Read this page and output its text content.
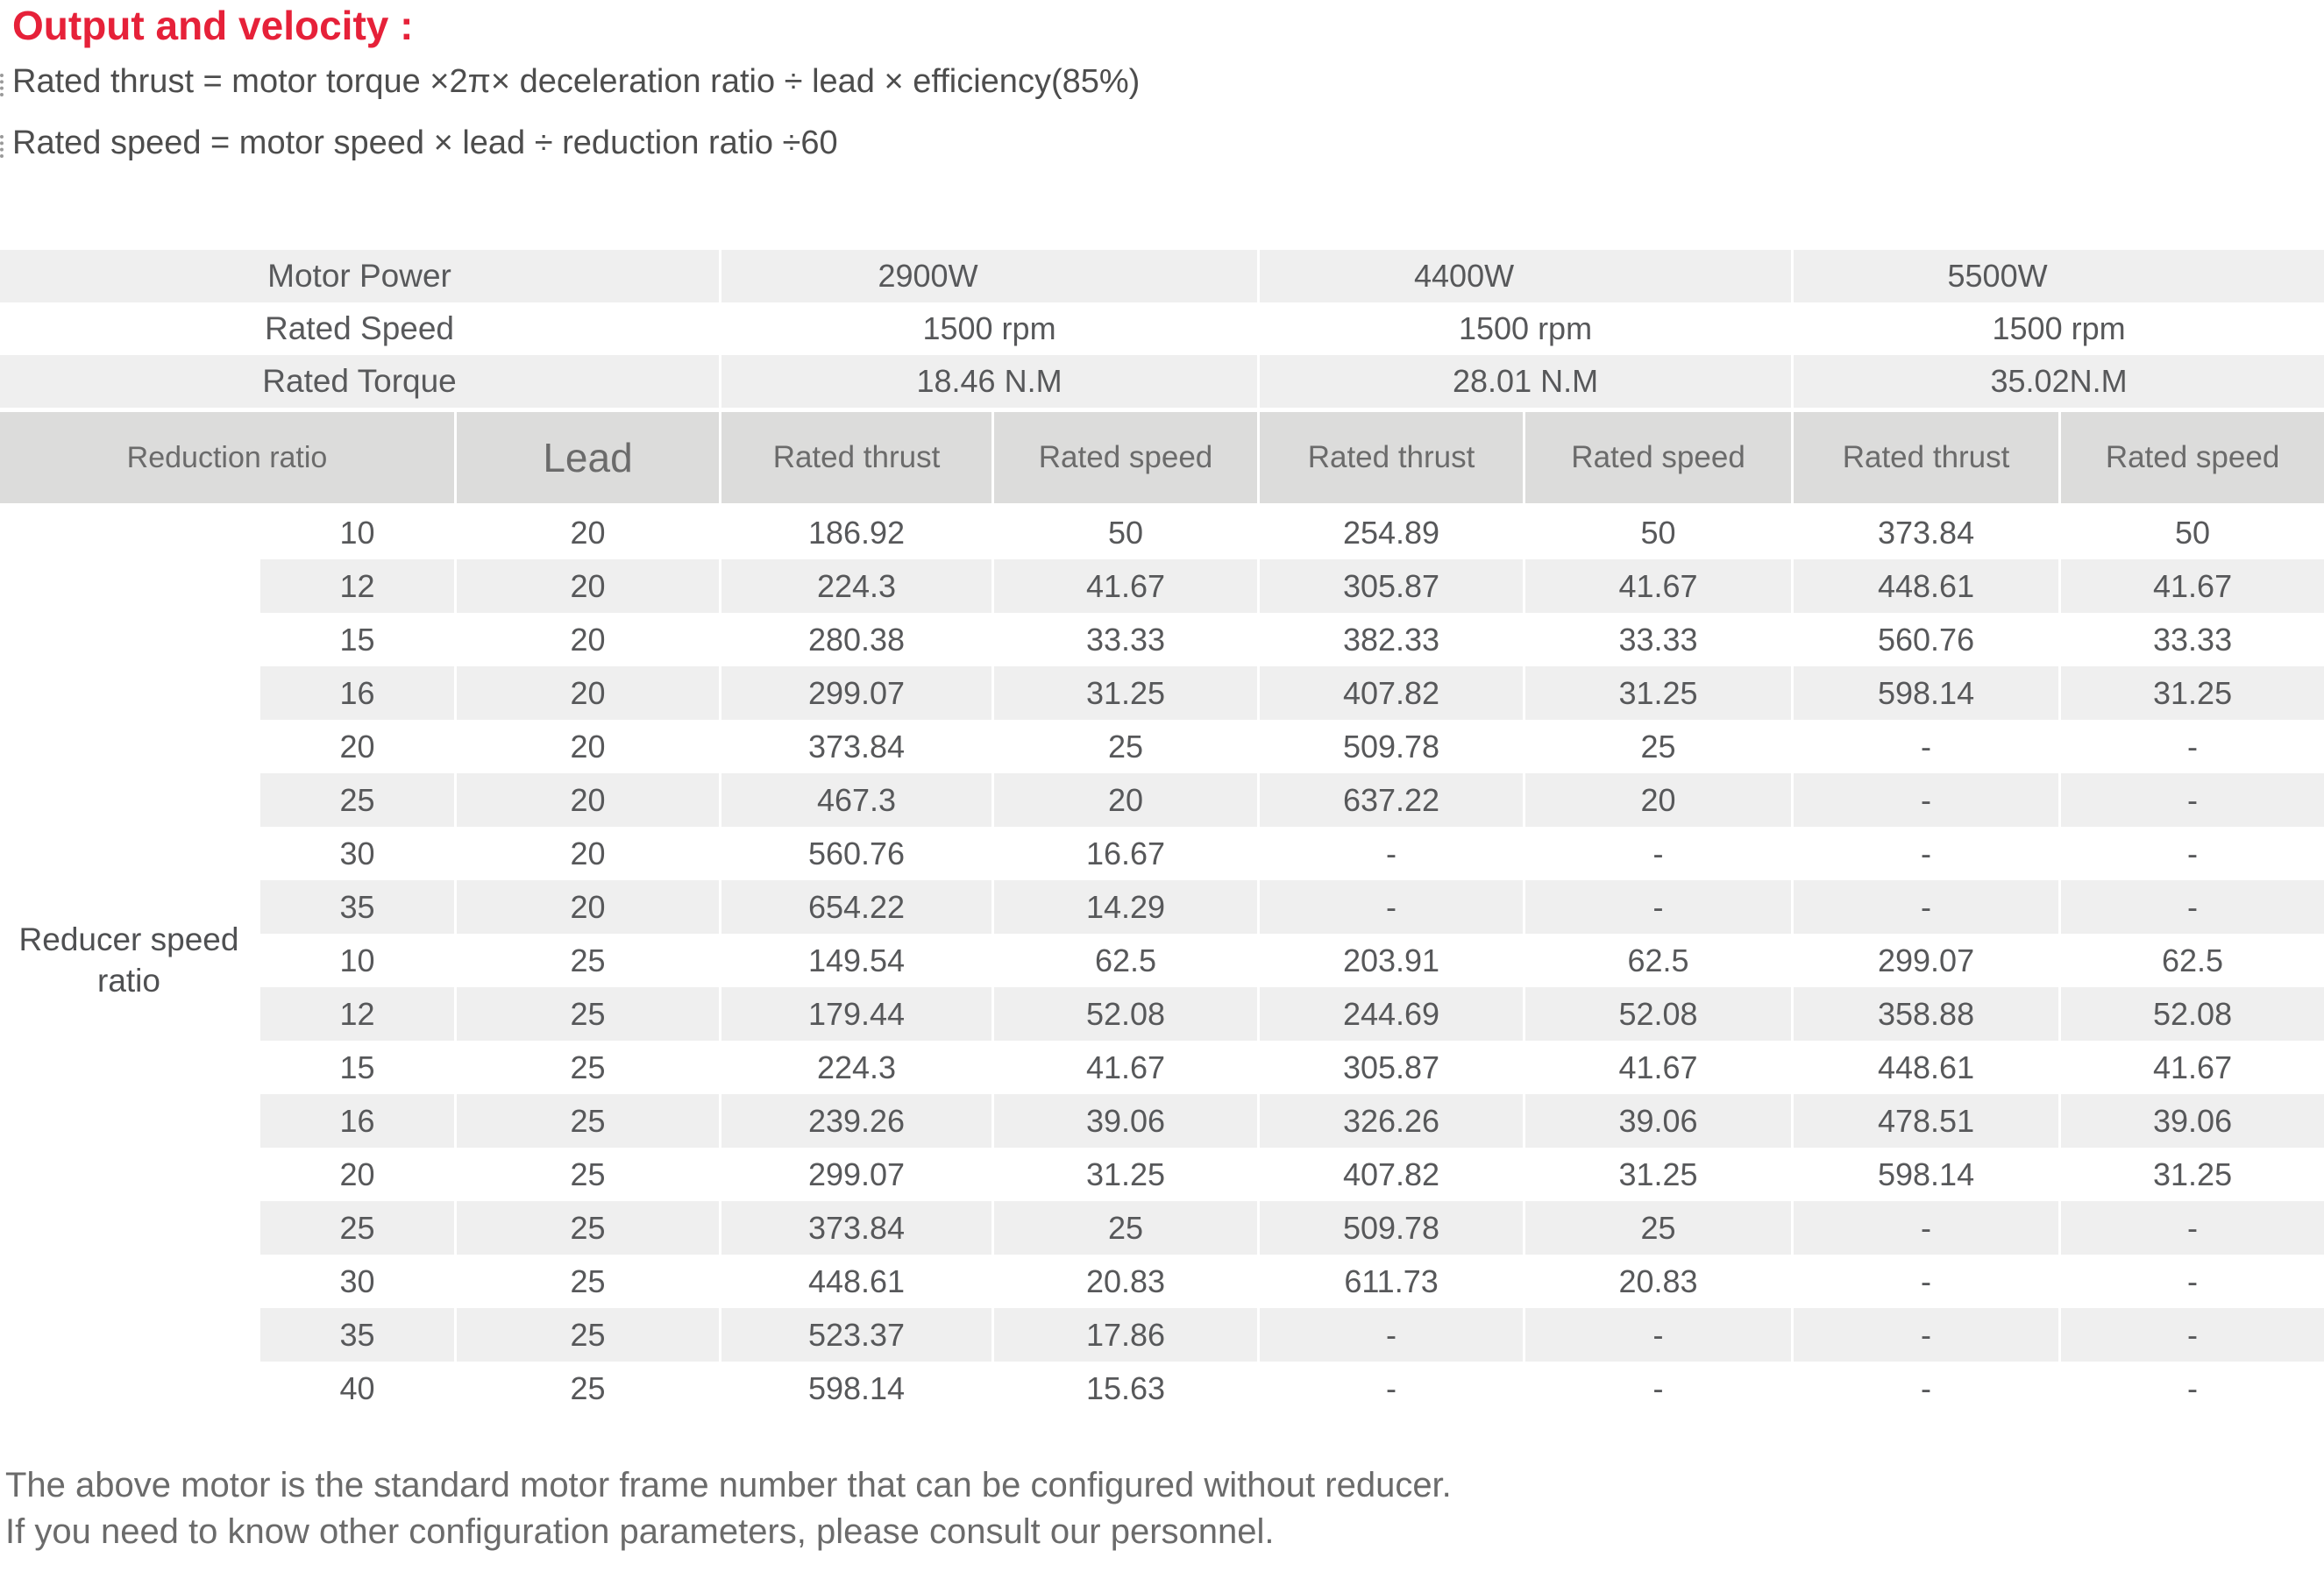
Output and velocity :
Rated thrust = motor torque ×2π× deceleration ratio ÷ lead × efficiency(85%)
Rated speed = motor speed × lead ÷ reduction ratio ÷60
Motor Power			2900W		4400W		5500W	
Rated Speed			1500 rpm		1500 rpm		1500 rpm	
Rated Torque			18.46 N.M		28.01 N.M		35.02N.M	
Reduction ratio		Lead	Rated thrust	Rated speed	Rated thrust	Rated speed	Rated thrust	Rated speed
Reducer speed ratio	10	20	186.92	50	254.89	50	373.84	50
	12	20	224.3	41.67	305.87	41.67	448.61	41.67
	15	20	280.38	33.33	382.33	33.33	560.76	33.33
	16	20	299.07	31.25	407.82	31.25	598.14	31.25
	20	20	373.84	25	509.78	25	-	-
	25	20	467.3	20	637.22	20	-	-
	30	20	560.76	16.67	-	-	-	-
	35	20	654.22	14.29	-	-	-	-
	10	25	149.54	62.5	203.91	62.5	299.07	62.5
	12	25	179.44	52.08	244.69	52.08	358.88	52.08
	15	25	224.3	41.67	305.87	41.67	448.61	41.67
	16	25	239.26	39.06	326.26	39.06	478.51	39.06
	20	25	299.07	31.25	407.82	31.25	598.14	31.25
	25	25	373.84	25	509.78	25	-	-
	30	25	448.61	20.83	611.73	20.83	-	-
	35	25	523.37	17.86	-	-	-	-
	40	25	598.14	15.63	-	-	-	-
The above motor is the standard motor frame number that can be configured without reducer.
If you need to know other configuration parameters, please consult our personnel.
